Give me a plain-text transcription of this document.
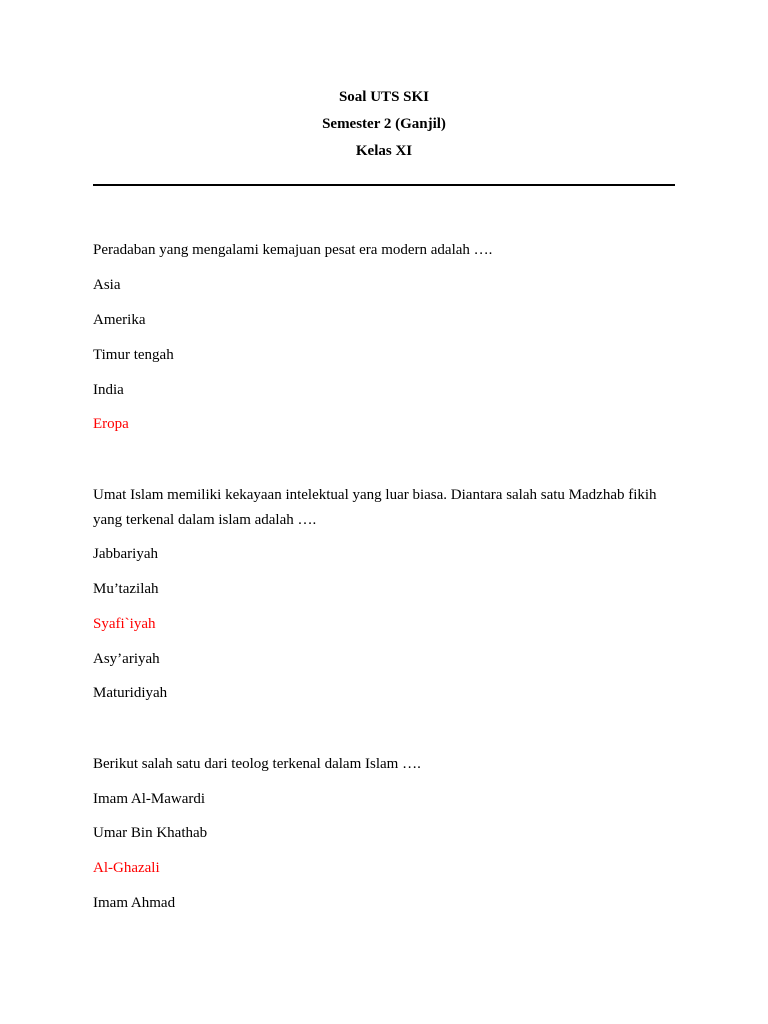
Soal UTS SKI
Semester 2 (Ganjil)
Kelas XI
Peradaban yang mengalami kemajuan pesat era modern adalah ….
Asia
Amerika
Timur tengah
India
Eropa
Umat Islam memiliki kekayaan intelektual yang luar biasa. Diantara salah satu Madzhab fikih
yang terkenal dalam islam adalah ….
Jabbariyah
Mu’tazilah
Syafi`iyah
Asy’ariyah
Maturidiyah
Berikut salah satu dari teolog terkenal dalam Islam ….
Imam Al-Mawardi
Umar Bin Khathab
Al-Ghazali
Imam Ahmad
